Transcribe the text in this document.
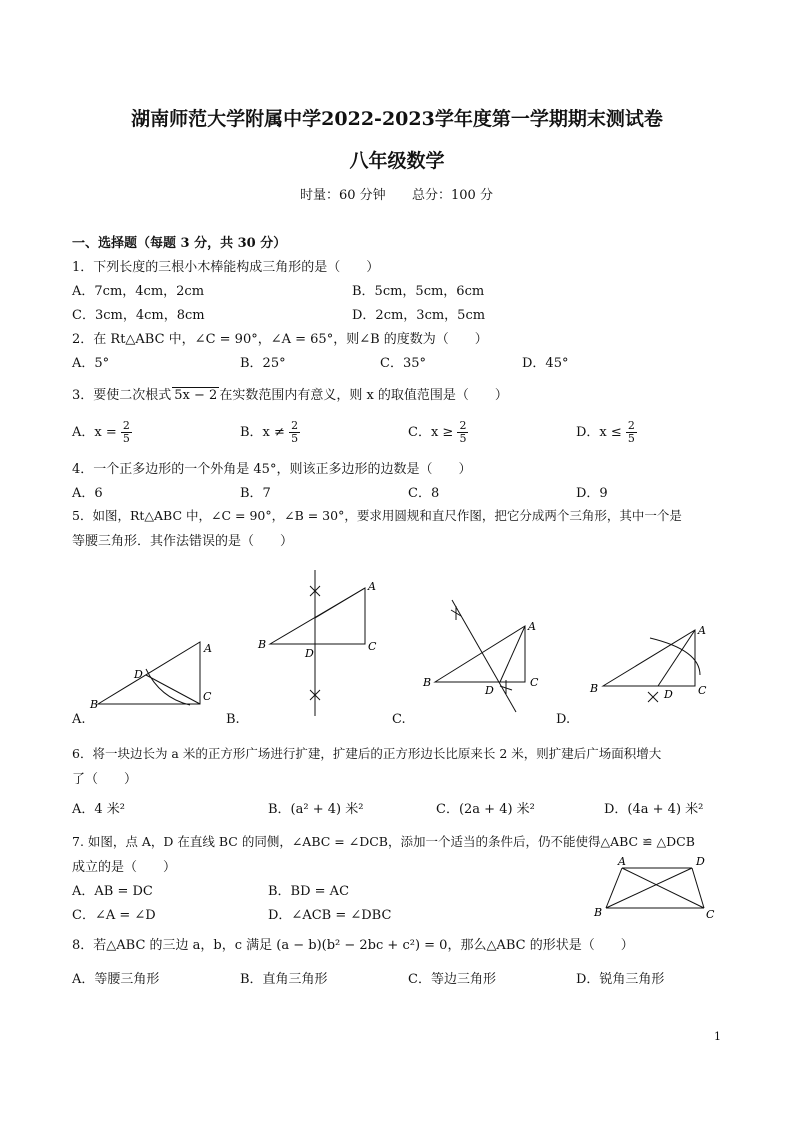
湖南师范大学附属中学2022-2023学年度第一学期期末测试卷
八年级数学
时量：60 分钟 总分：100 分
一、选择题（每题 3 分，共 30 分）
1．下列长度的三根小木棒能构成三角形的是（　　）
A．7cm，4cm，2cm	B．5cm，5cm，6cm
C．3cm，4cm，8cm	D．2cm，3cm，5cm
2．在 Rt△ABC 中，∠C = 90°，∠A = 65°，则∠B 的度数为（　　）
A．5°	B．25°	C．35°	D．45°
3．要使二次根式 5x − 2 在实数范围内有意义，则 x 的取值范围是（　　）
A．$x = \frac{2}{5}$	B．$x \ne \frac{2}{5}$	C．$x \ge \frac{2}{5}$	D．$x \le \frac{2}{5}$
4．一个正多边形的一个外角是 45°，则该正多边形的边数是（　　）
A．6	B．7	C．8	D．9
5．如图，Rt△ABC 中，∠C = 90°，∠B = 30°，要求用圆规和直尺作图，把它分成两个三角形，其中一个是
等腰三角形．其作法错误的是（　　）
B
A
C
D
B
A
C
D
B
A
C
D	B
A
C
D
A.	B.	C.	D.
6．将一块边长为 a 米的正方形广场进行扩建，扩建后的正方形边长比原来长 2 米，则扩建后广场面积增大
了（　　）
A．4 米²	B．(a² + 4) 米²	C．(2a + 4) 米²	D．(4a + 4) 米²
7. 如图，点 A，D 在直线 BC 的同侧，∠ABC = ∠DCB，添加一个适当的条件后，仍不能使得△ABC ≌ △DCB
成立的是（　　）
A．AB = DC	B．BD = AC
C．∠A = ∠D	D．∠ACB = ∠DBC
A	D
B	C
8．若△ABC 的三边 a，b，c 满足 (a − b)(b² − 2bc + c²) = 0，那么△ABC 的形状是（　　）
A．等腰三角形	B．直角三角形	C．等边三角形	D．锐角三角形
1
